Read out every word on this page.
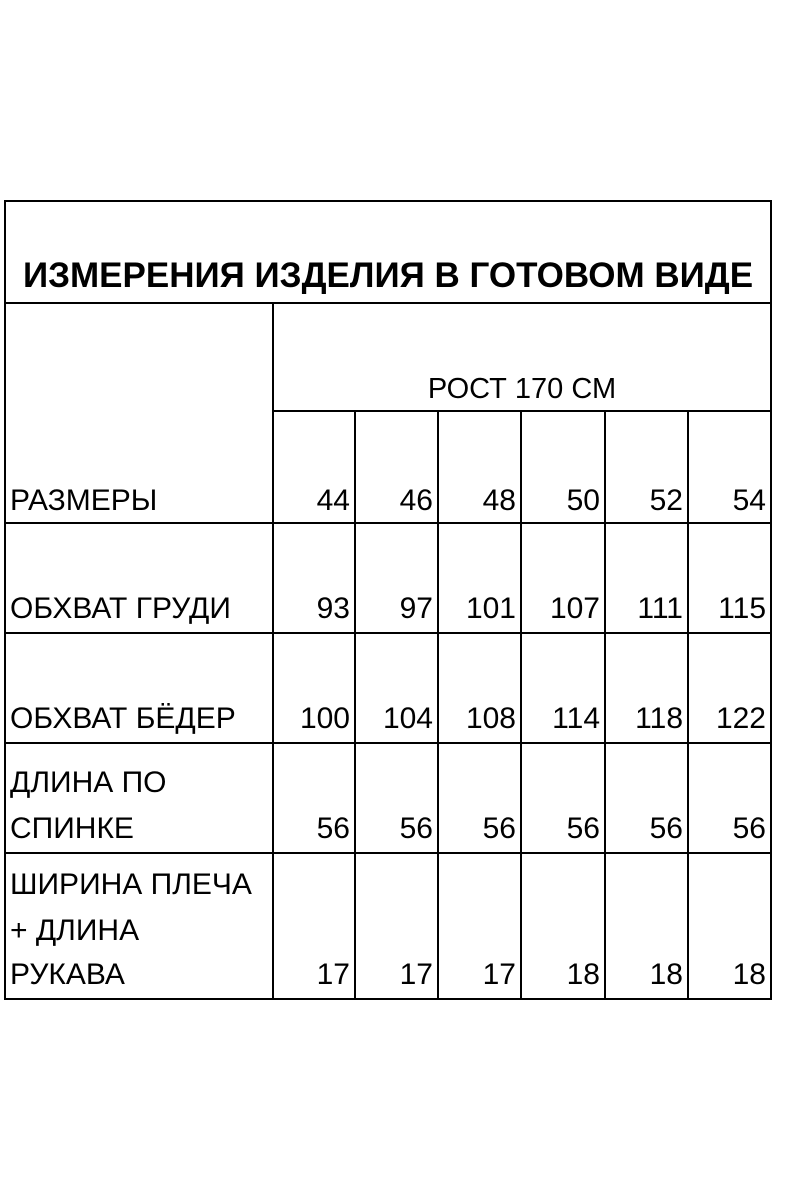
ИЗМЕРЕНИЯ ИЗДЕЛИЯ В ГОТОВОМ ВИДЕ
РОСТ 170 СМ
РАЗМЕРЫ	44	46	48	50	52	54
ОБХВАТ ГРУДИ	93	97	101	107	111	115
ОБХВАТ БЁДЕР	100	104	108	114	118	122
ДЛИНА ПО
СПИНКЕ	56	56	56	56	56	56
ШИРИНА ПЛЕЧА
+ ДЛИНА
РУКАВА	17	17	17	18	18	18
